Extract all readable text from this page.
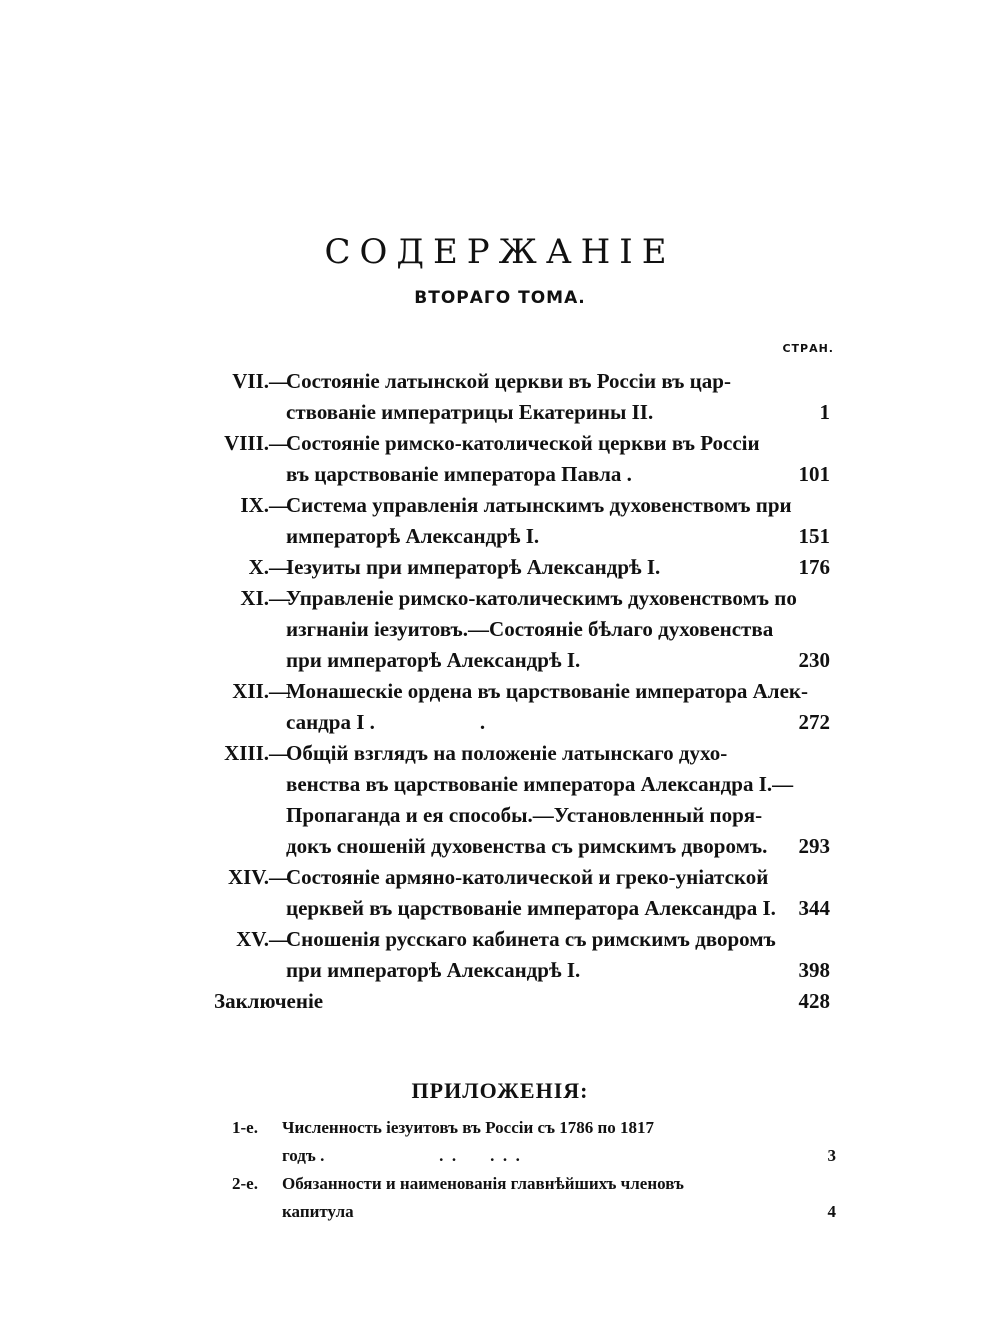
СОДЕРЖАНIЕ
ВТОРАГО ТОМА.
СТРАН.
VII.—
Состоянiе латынской церкви въ Россiи въ цар-
ствованiе императрицы Екатерины II.	1
VIII.—
Состоянiе римско-католической церкви въ Россiи
въ царствованiе императора Павла .	101
IX.—
Система управленiя латынскимъ духовенствомъ при
императорѣ Александрѣ I.	151
X.—
Iезуиты при императорѣ Александрѣ I.	176
XI.—
Управленiе римско-католическимъ духовенствомъ по
изгнанiи iезуитовъ.—Состоянiе бѣлаго духовенства
при императорѣ Александрѣ I.	230
XII.—
Монашескiе ордена въ царствованiе императора Алек-
сандра I .                    .	272
XIII.—
Общiй взглядъ на положенiе латынскаго духо-
венства въ царствованiе императора Александра I.—
Пропаганда и ея способы.—Установленный поря-
докъ сношенiй духовенства съ римскимъ дворомъ. 293
XIV.—
Состоянiе армяно-католической и греко-унiатской
церквей въ царствованiе императора Александра I. 344
XV.—
Сношенiя русскаго кабинета съ римскимъ дворомъ
при императорѣ Александрѣ I.	398
Заключенiе	428
ПРИЛОЖЕНIЯ:
1-е. Численность iезуитовъ въ Россiи съ 1786 по 1817
годъ .                           .  .        .  .  .	3
2-е. Обязанности и наименованiя главнѣйшихъ членовъ
капитула	4
